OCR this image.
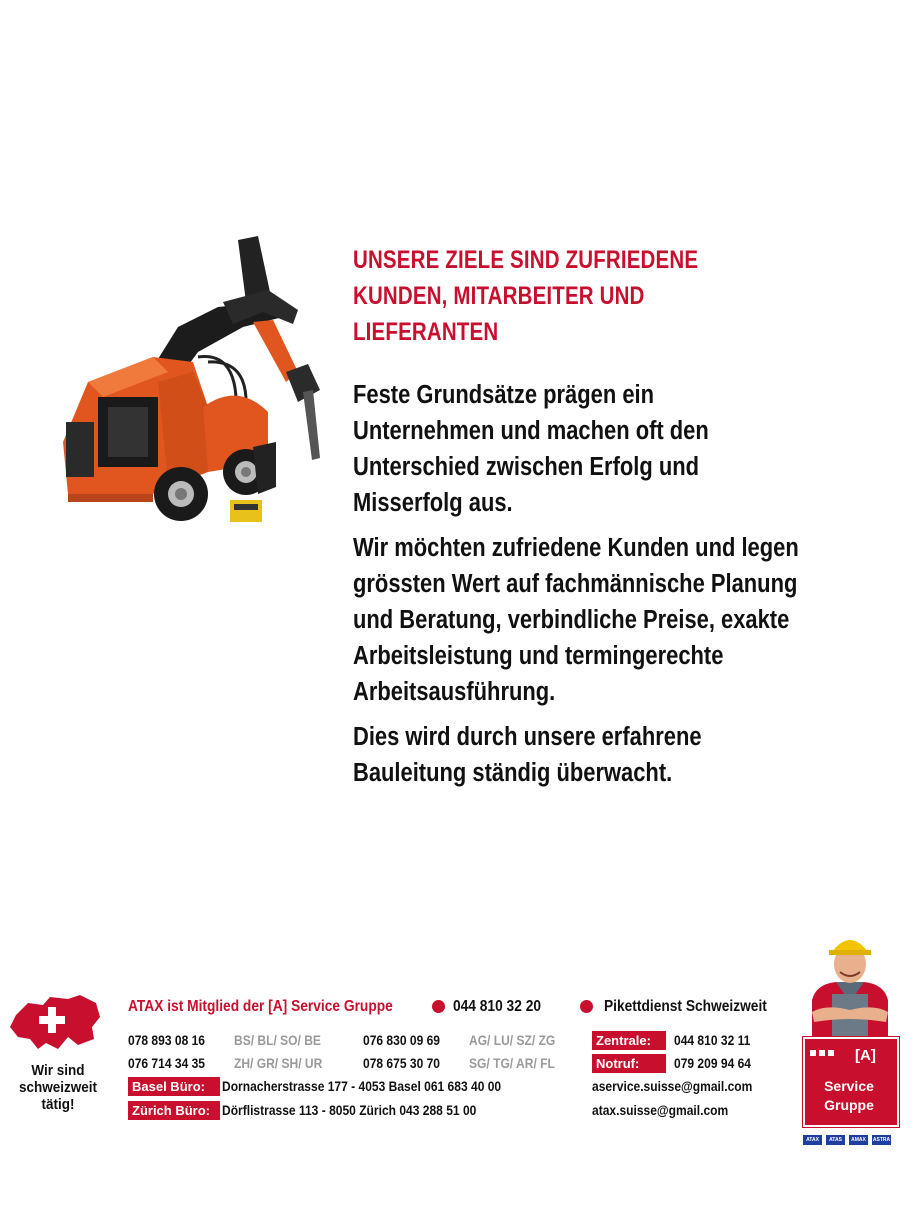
UNSERE ZIELE SIND ZUFRIEDENE
KUNDEN, MITARBEITER UND
LIEFERANTEN

Feste Grundsätze prägen ein Unternehmen und machen oft den Unterschied zwischen Erfolg und Misserfolg aus.

Wir möchten zufriedene Kunden und legen grössten Wert auf fachmännische Planung und Beratung, verbindliche Preise, exakte Arbeitsleistung und termingerechte Arbeitsausführung.

Dies wird durch unsere erfahrene Bauleitung ständig überwacht.

Wir sind schweizweit tätig!
ATAX ist Mitglied der [A] Service Gruppe	044 810 32 20	Pikettdienst Schweizweit
078 893 08 16 BS/ BL/ SO/ BE	076 830 09 69 AG/ LU/ SZ/ ZG	Zentrale:	044 810 32 11
076 714 34 35 ZH/ GR/ SH/ UR	078 675 30 70 SG/ TG/ AR/ FL	Notruf:	079 209 94 64
Basel Büro:	Dornacherstrasse 177 - 4053 Basel 061 683 40 00	aservice.suisse@gmail.com
Zürich Büro: Dörflistrasse 113 - 8050 Zürich 043 288 51 00	atax.suisse@gmail.com
[A]
Service
Gruppe
ATAX ATAS AMAX ASTRA
